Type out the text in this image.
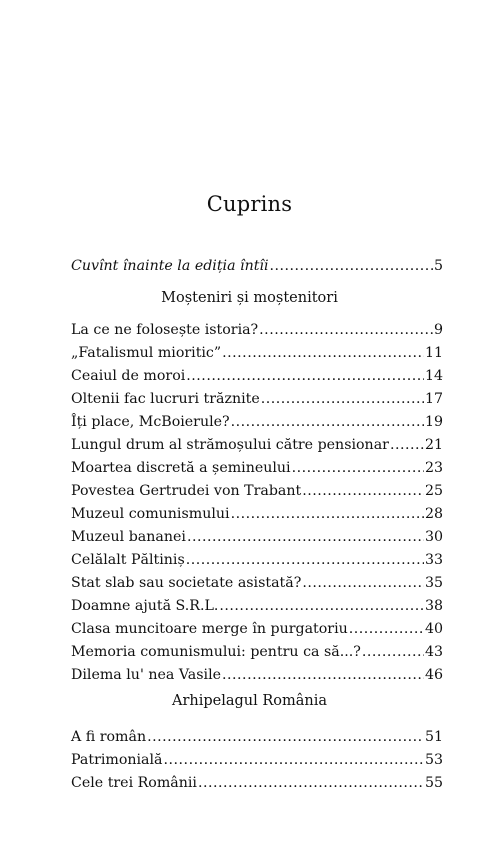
Cuprins
Cuvînt înainte la ediția întîi .....	5
Moșteniri și moștenitori
La ce ne folosește istoria? .....	9
„Fatalismul mioritic” .....	11
Ceaiul de moroi .....	14
Oltenii fac lucruri trăznite .....	17
Îți place, McBoierule? .....	19
Lungul drum al strămoșului către pensionar .....	21
Moartea discretă a șemineului .....	23
Povestea Gertrudei von Trabant .....	25
Muzeul comunismului .....	28
Muzeul bananei .....	30
Celălalt Păltiniș .....	33
Stat slab sau societate asistată? .....	35
Doamne ajută S.R.L. .....	38
Clasa muncitoare merge în purgatoriu .....	40
Memoria comunismului: pentru ca să...? .....	43
Dilema lu' nea Vasile .....	46
Arhipelagul România
A fi român .....	51
Patrimonială .....	53
Cele trei Românii .....	55
